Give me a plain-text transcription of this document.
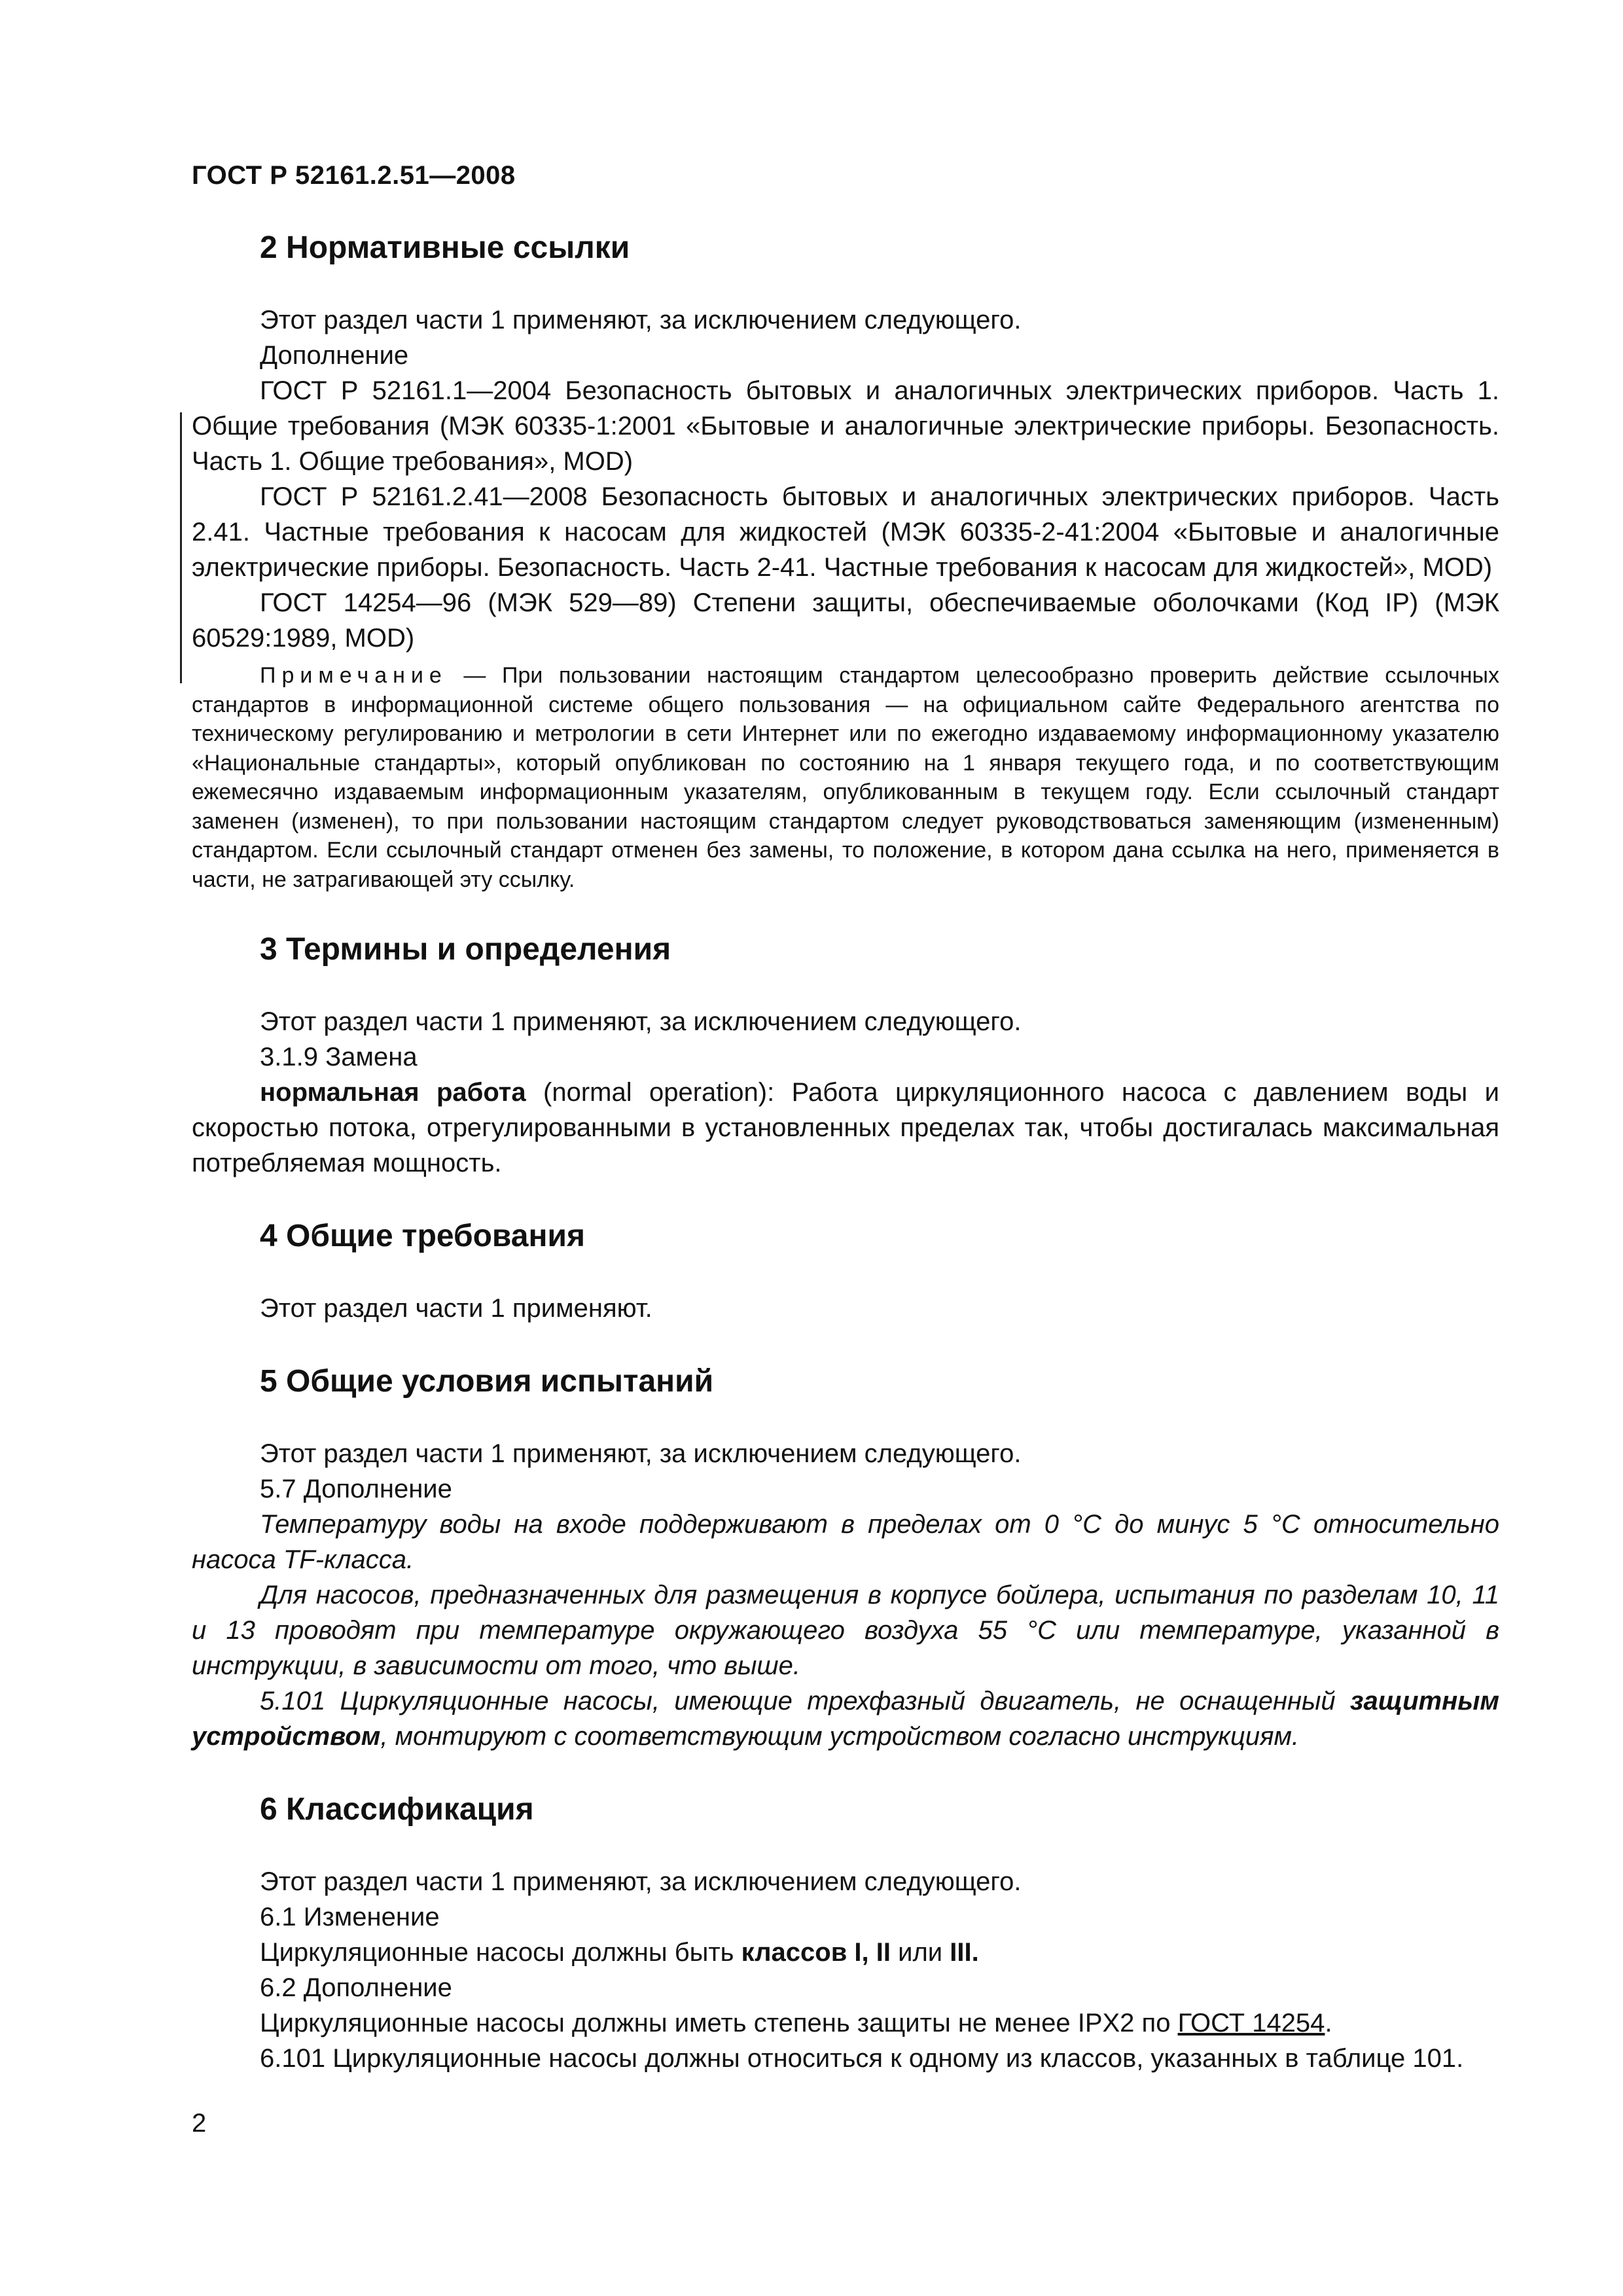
ГОСТ Р 52161.2.51—2008
2 Нормативные ссылки

Этот раздел части 1 применяют, за исключением следующего.

Дополнение

ГОСТ Р 52161.1—2004 Безопасность бытовых и аналогичных электрических приборов. Часть 1. Общие требования (МЭК 60335-1:2001 «Бытовые и аналогичные электрические приборы. Безопасность. Часть 1. Общие требования», MOD)

ГОСТ Р 52161.2.41—2008 Безопасность бытовых и аналогичных электрических приборов. Часть 2.41. Частные требования к насосам для жидкостей (МЭК 60335-2-41:2004 «Бытовые и аналогичные электрические приборы. Безопасность. Часть 2-41. Частные требования к насосам для жидкостей», MOD)

ГОСТ 14254—96 (МЭК 529—89) Степени защиты, обеспечиваемые оболочками (Код IP) (МЭК 60529:1989, MOD)

Примечание — При пользовании настоящим стандартом целесообразно проверить действие ссылочных стандартов в информационной системе общего пользования — на официальном сайте Федерального агентства по техническому регулированию и метрологии в сети Интернет или по ежегодно издаваемому информационному указателю «Национальные стандарты», который опубликован по состоянию на 1 января текущего года, и по соответствующим ежемесячно издаваемым информационным указателям, опубликованным в текущем году. Если ссылочный стандарт заменен (изменен), то при пользовании настоящим стандартом следует руководствоваться заменяющим (измененным) стандартом. Если ссылочный стандарт отменен без замены, то положение, в котором дана ссылка на него, применяется в части, не затрагивающей эту ссылку.

3 Термины и определения

Этот раздел части 1 применяют, за исключением следующего.

3.1.9 Замена

нормальная работа (normal operation): Работа циркуляционного насоса с давлением воды и скоростью потока, отрегулированными в установленных пределах так, чтобы достигалась максимальная потребляемая мощность.

4 Общие требования

Этот раздел части 1 применяют.

5 Общие условия испытаний

Этот раздел части 1 применяют, за исключением следующего.

5.7 Дополнение

Температуру воды на входе поддерживают в пределах от 0 °С до минус 5 °С относительно насоса TF-класса.

Для насосов, предназначенных для размещения в корпусе бойлера, испытания по разделам 10, 11 и 13 проводят при температуре окружающего воздуха 55 °С или температуре, указанной в инструкции, в зависимости от того, что выше.

5.101 Циркуляционные насосы, имеющие трехфазный двигатель, не оснащенный защитным устройством, монтируют с соответствующим устройством согласно инструкциям.

6 Классификация

Этот раздел части 1 применяют, за исключением следующего.

6.1 Изменение

Циркуляционные насосы должны быть классов I, II или III.

6.2 Дополнение

Циркуляционные насосы должны иметь степень защиты не менее IPX2 по ГОСТ 14254.

6.101 Циркуляционные насосы должны относиться к одному из классов, указанных в таблице 101.

2
